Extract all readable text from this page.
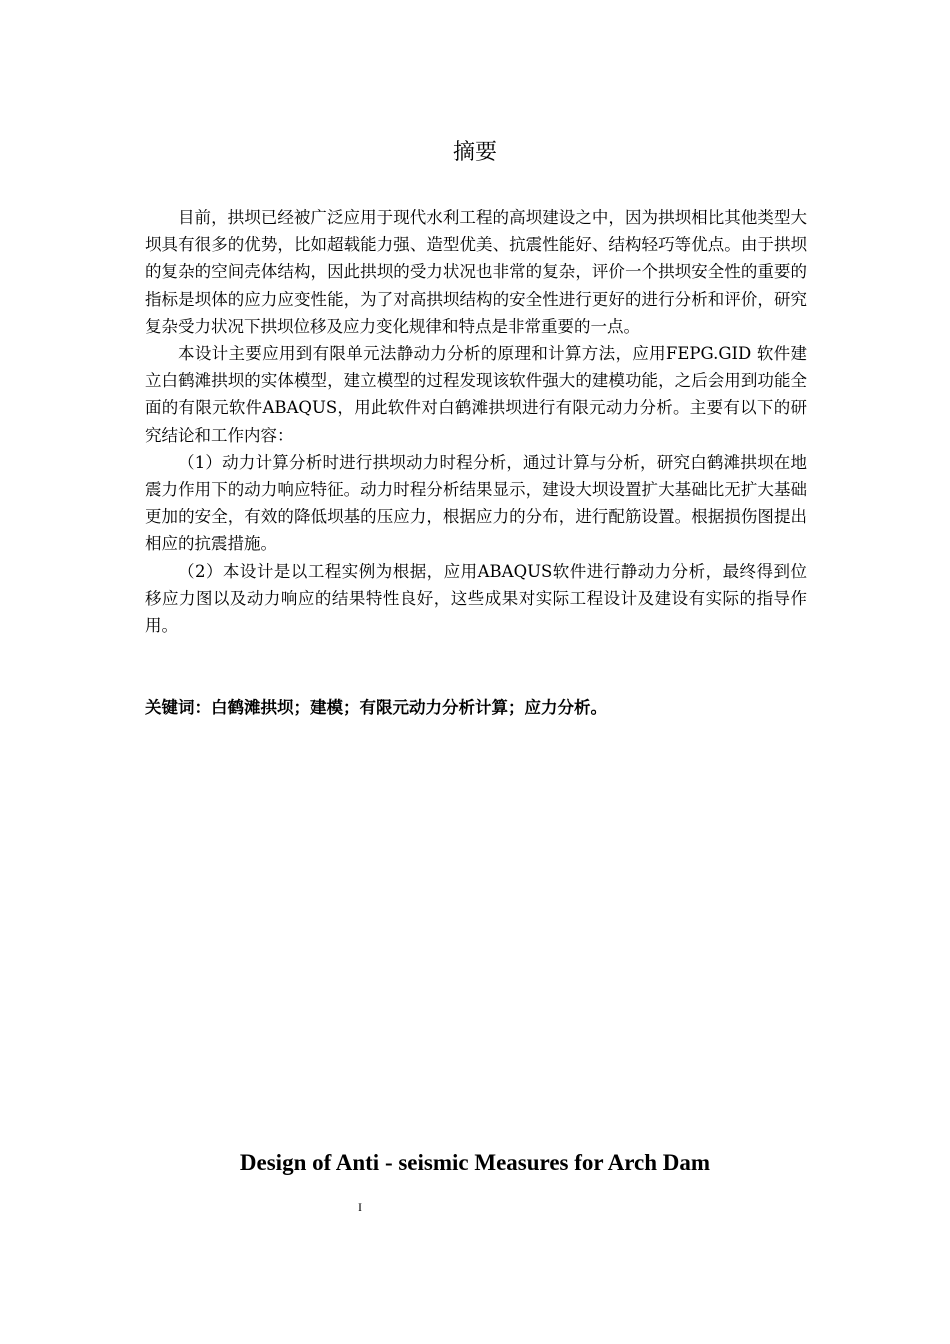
摘要

目前，拱坝已经被广泛应用于现代水利工程的高坝建设之中，因为拱坝相比其他类型大坝具有很多的优势，比如超载能力强、造型优美、抗震性能好、结构轻巧等优点。由于拱坝的复杂的空间壳体结构，因此拱坝的受力状况也非常的复杂，评价一个拱坝安全性的重要的指标是坝体的应力应变性能，为了对高拱坝结构的安全性进行更好的进行分析和评价，研究复杂受力状况下拱坝位移及应力变化规律和特点是非常重要的一点。

本设计主要应用到有限单元法静动力分析的原理和计算方法，应用FEPG.GID 软件建立白鹤滩拱坝的实体模型，建立模型的过程发现该软件强大的建模功能，之后会用到功能全面的有限元软件ABAQUS，用此软件对白鹤滩拱坝进行有限元动力分析。主要有以下的研究结论和工作内容：

（1）动力计算分析时进行拱坝动力时程分析，通过计算与分析，研究白鹤滩拱坝在地震力作用下的动力响应特征。动力时程分析结果显示，建设大坝设置扩大基础比无扩大基础更加的安全，有效的降低坝基的压应力，根据应力的分布，进行配筋设置。根据损伤图提出相应的抗震措施。

（2）本设计是以工程实例为根据，应用ABAQUS软件进行静动力分析，最终得到位移应力图以及动力响应的结果特性良好，这些成果对实际工程设计及建设有实际的指导作用。

关键词：白鹤滩拱坝；建模；有限元动力分析计算；应力分析。
Design of Anti - seismic Measures for Arch Dam
I
